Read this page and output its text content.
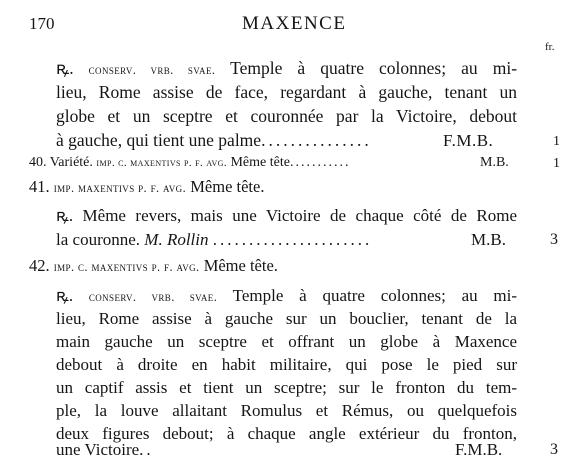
170	MAXENCE
fr.
ꝶ. conserv. vrb. svae. Temple à quatre colonnes; au mi-
lieu, Rome assise de face, regardant à gauche, tenant un
globe et un sceptre et couronnée par la Victoire, debout
à gauche, qui tient une palme...............	F.M.B.	1
40. Variété. imp. c. maxentivs p. f. avg. Même tête...........	M.B.	1
41. imp. maxentivs p. f. avg. Même tête.
ꝶ. Même revers, mais une Victoire de chaque côté de Rome
la couronne. M. Rollin ......................	M.B.	3
42. imp. c. maxentivs p. f. avg. Même tête.
ꝶ. conserv. vrb. svae. Temple à quatre colonnes; au mi-
lieu, Rome assise à gauche sur un bouclier, tenant de la
main gauche un sceptre et offrant un globe à Maxence
debout à droite en habit militaire, qui pose le pied sur
un captif assis et tient un sceptre; sur le fronton du tem-
ple, la louve allaitant Romulus et Rémus, ou quelquefois
deux figures debout; à chaque angle extérieur du fronton,
une Victoire..	F.M.B.	3
